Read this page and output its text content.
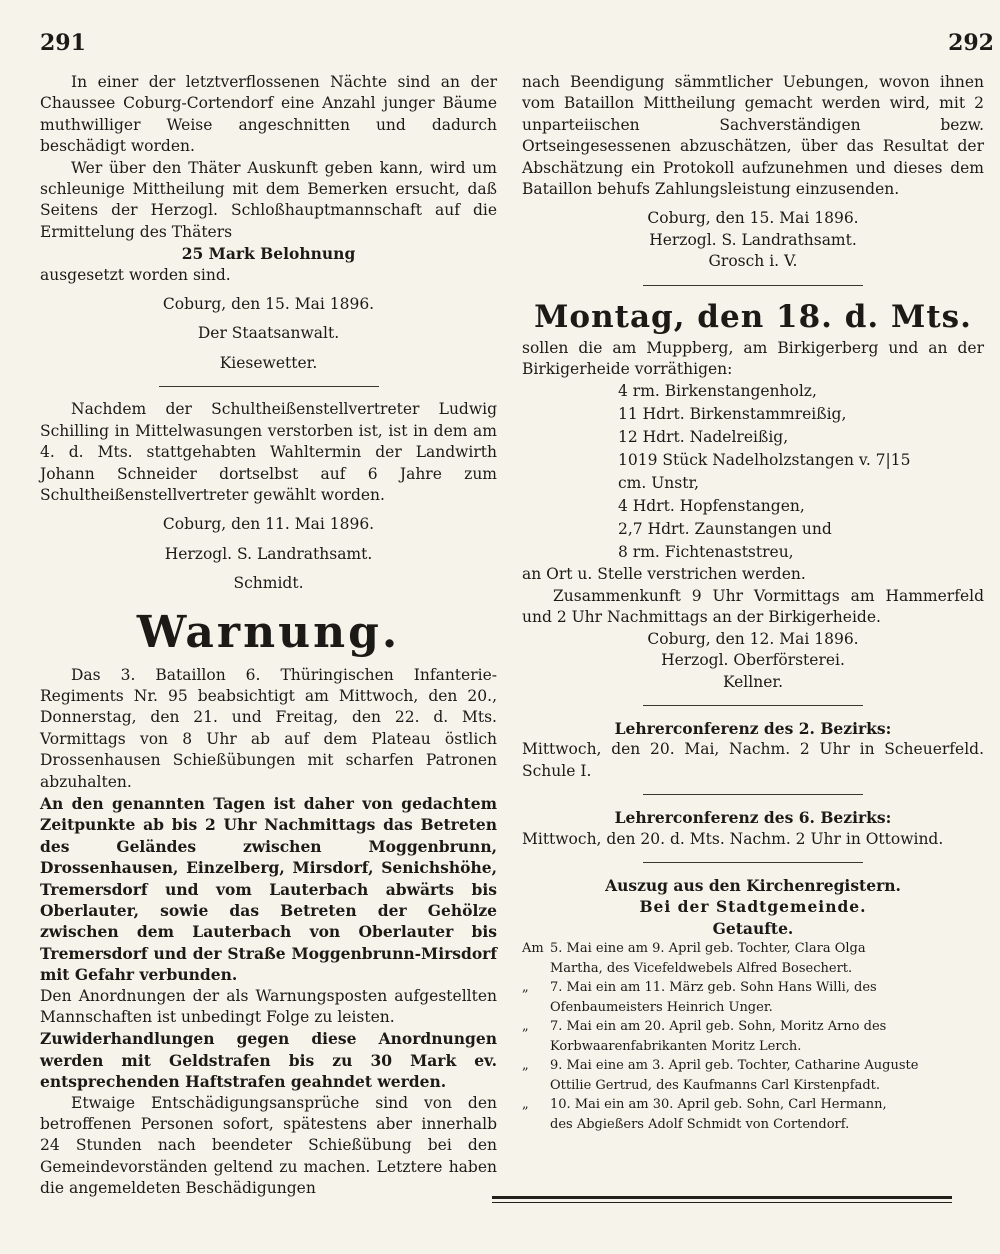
291	292

In einer der letztverflossenen Nächte sind an der Chaussee Coburg-Cortendorf eine Anzahl junger Bäume muthwilliger Weise angeschnitten und dadurch beschädigt worden.

Wer über den Thäter Auskunft geben kann, wird um schleunige Mittheilung mit dem Bemerken ersucht, daß Seitens der Herzogl. Schloßhauptmannschaft auf die Ermittelung des Thäters

25 Mark Belohnung

ausgesetzt worden sind.

Coburg, den 15. Mai 1896.

Der Staatsanwalt.

Kiesewetter.

Nachdem der Schultheißenstellvertreter Ludwig Schilling in Mittelwasungen verstorben ist, ist in dem am 4. d. Mts. stattgehabten Wahltermin der Landwirth Johann Schneider dortselbst auf 6 Jahre zum Schultheißenstellvertreter gewählt worden.

Coburg, den 11. Mai 1896.

Herzogl. S. Landrathsamt.

Schmidt.

Warnung.

Das 3. Bataillon 6. Thüringischen Infanterie-Regiments Nr. 95 beabsichtigt am Mittwoch, den 20., Donnerstag, den 21. und Freitag, den 22. d. Mts. Vormittags von 8 Uhr ab auf dem Plateau östlich Drossenhausen Schießübungen mit scharfen Patronen abzuhalten.

An den genannten Tagen ist daher von gedachtem Zeitpunkte ab bis 2 Uhr Nachmittags das Betreten des Geländes zwischen Moggenbrunn, Drossenhausen, Einzelberg, Mirsdorf, Senichshöhe, Tremersdorf und vom Lauterbach abwärts bis Oberlauter, sowie das Betreten der Gehölze zwischen dem Lauterbach von Oberlauter bis Tremersdorf und der Straße Moggenbrunn-Mirsdorf mit Gefahr verbunden.

Den Anordnungen der als Warnungsposten aufgestellten Mannschaften ist unbedingt Folge zu leisten.

Zuwiderhandlungen gegen diese Anordnungen werden mit Geldstrafen bis zu 30 Mark ev. entsprechenden Haftstrafen geahndet werden.

Etwaige Entschädigungsansprüche sind von den betroffenen Personen sofort, spätestens aber innerhalb 24 Stunden nach beendeter Schießübung bei den Gemeindevorständen geltend zu machen. Letztere haben die angemeldeten Beschädigungen

nach Beendigung sämmtlicher Uebungen, wovon ihnen vom Bataillon Mittheilung gemacht werden wird, mit 2 unparteiischen Sachverständigen bezw. Ortseingesessenen abzuschätzen, über das Resultat der Abschätzung ein Protokoll aufzunehmen und dieses dem Bataillon behufs Zahlungsleistung einzusenden.

Coburg, den 15. Mai 1896.

Herzogl. S. Landrathsamt.

Grosch i. V.

Montag, den 18. d. Mts.

sollen die am Muppberg, am Birkigerberg und an der Birkigerheide vorräthigen:

4 rm. Birkenstangenholz,
11 Hdrt. Birkenstammreißig,
12 Hdrt. Nadelreißig,
1019 Stück Nadelholzstangen v. 7|15
cm. Unstr,
4 Hdrt. Hopfenstangen,
2,7 Hdrt. Zaunstangen und
8 rm. Fichtenaststreu,

an Ort u. Stelle verstrichen werden.

Zusammenkunft 9 Uhr Vormittags am Hammerfeld und 2 Uhr Nachmittags an der Birkigerheide.

Coburg, den 12. Mai 1896.

Herzogl. Oberförsterei.

Kellner.

Lehrerconferenz des 2. Bezirks:

Mittwoch, den 20. Mai, Nachm. 2 Uhr in Scheuerfeld. Schule I.

Lehrerconferenz des 6. Bezirks:

Mittwoch, den 20. d. Mts. Nachm. 2 Uhr in Ottowind.

Auszug aus den Kirchenregistern.

Bei der Stadtgemeinde.

Getaufte.

Am 5. Mai eine am 9. April geb. Tochter, Clara Olga
Martha, des Vicefeldwebels Alfred Bosechert.
„ 7. Mai ein am 11. März geb. Sohn Hans Willi, des
Ofenbaumeisters Heinrich Unger.
„ 7. Mai ein am 20. April geb. Sohn, Moritz Arno des
Korbwaarenfabrikanten Moritz Lerch.
„ 9. Mai eine am 3. April geb. Tochter, Catharine Auguste
Ottilie Gertrud, des Kaufmanns Carl Kirstenpfadt.
„ 10. Mai ein am 30. April geb. Sohn, Carl Hermann,
des Abgießers Adolf Schmidt von Cortendorf.
